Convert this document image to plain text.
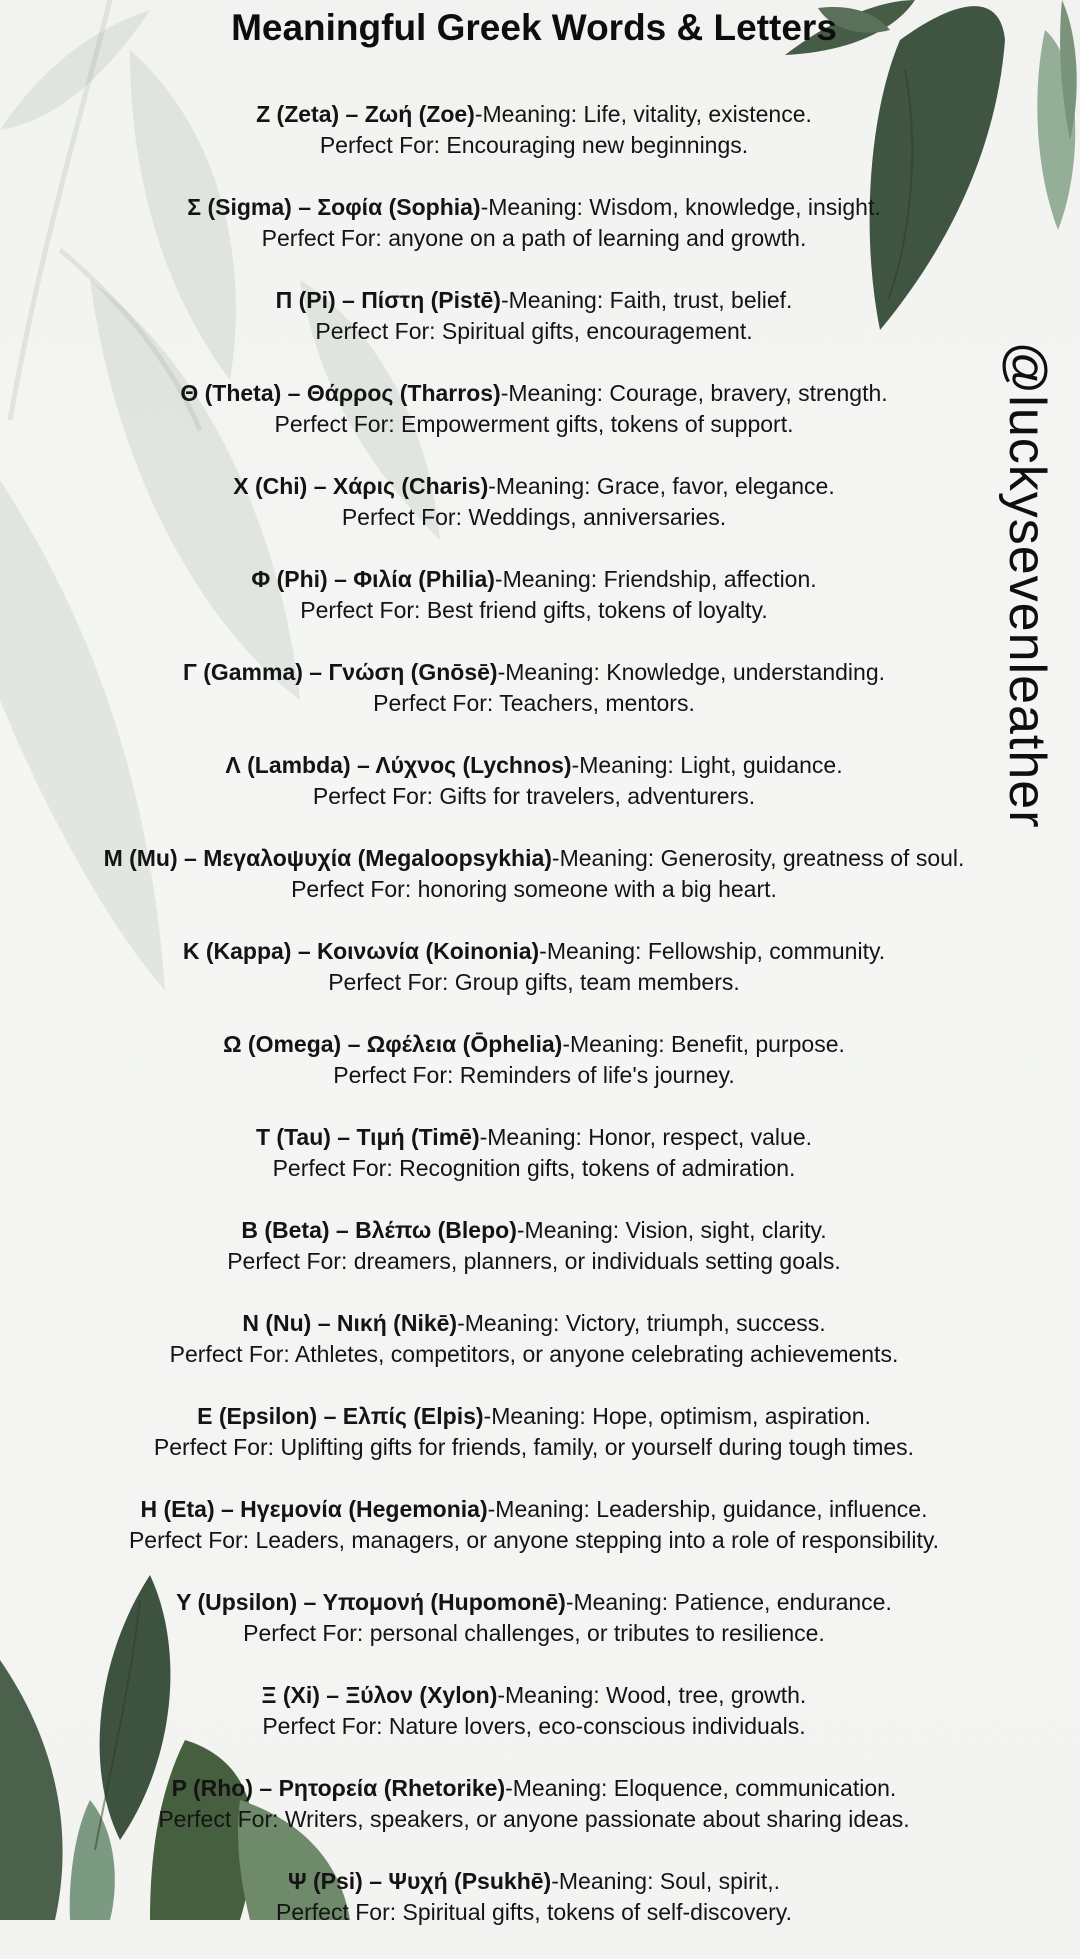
Meaningful Greek Words & Letters
Z (Zeta) – Ζωή (Zoe)-Meaning: Life, vitality, existence.
Perfect For: Encouraging new beginnings.
Σ (Sigma) – Σοφία (Sophia)-Meaning: Wisdom, knowledge, insight.
Perfect For: anyone on a path of learning and growth.
Π (Pi) – Πίστη (Pistē)-Meaning: Faith, trust, belief.
Perfect For: Spiritual gifts, encouragement.
Θ (Theta) – Θάρρος (Tharros)-Meaning: Courage, bravery, strength.
Perfect For: Empowerment gifts, tokens of support.
X (Chi) – Χάρις (Charis)-Meaning: Grace, favor, elegance.
Perfect For: Weddings, anniversaries.
Φ (Phi) – Φιλία (Philia)-Meaning: Friendship, affection.
Perfect For: Best friend gifts, tokens of loyalty.
Γ (Gamma) – Γνώση (Gnōsē)-Meaning: Knowledge, understanding.
Perfect For: Teachers, mentors.
Λ (Lambda) – Λύχνος (Lychnos)-Meaning: Light, guidance.
Perfect For: Gifts for travelers, adventurers.
M (Mu) – Μεγαλοψυχία (Megaloopsykhia)-Meaning: Generosity, greatness of soul.
Perfect For: honoring someone with a big heart.
K (Kappa) – Κοινωνία (Koinonia)-Meaning: Fellowship, community.
Perfect For: Group gifts, team members.
Ω (Omega) – Ωφέλεια (Ōphelia)-Meaning: Benefit, purpose.
Perfect For: Reminders of life's journey.
T (Tau) – Τιμή (Timē)-Meaning: Honor, respect, value.
Perfect For: Recognition gifts, tokens of admiration.
B (Beta) – Βλέπω (Blepo)-Meaning: Vision, sight, clarity.
Perfect For: dreamers, planners, or individuals setting goals.
N (Nu) – Νική (Nikē)-Meaning: Victory, triumph, success.
Perfect For: Athletes, competitors, or anyone celebrating achievements.
E (Epsilon) – Ελπίς (Elpis)-Meaning: Hope, optimism, aspiration.
Perfect For: Uplifting gifts for friends, family, or yourself during tough times.
H (Eta) – Ηγεμονία (Hegemonia)-Meaning: Leadership, guidance, influence.
Perfect For: Leaders, managers, or anyone stepping into a role of responsibility.
Y (Upsilon) – Υπομονή (Hupomonē)-Meaning: Patience, endurance.
Perfect For: personal challenges, or tributes to resilience.
Ξ (Xi) – Ξύλον (Xylon)-Meaning: Wood, tree, growth.
Perfect For: Nature lovers, eco-conscious individuals.
P (Rho) – Ρητορεία (Rhetorike)-Meaning: Eloquence, communication.
Perfect For: Writers, speakers, or anyone passionate about sharing ideas.
Ψ (Psi) – Ψυχή (Psukhē)-Meaning: Soul, spirit,.
Perfect For: Spiritual gifts, tokens of self-discovery.
@luckysevenleather
